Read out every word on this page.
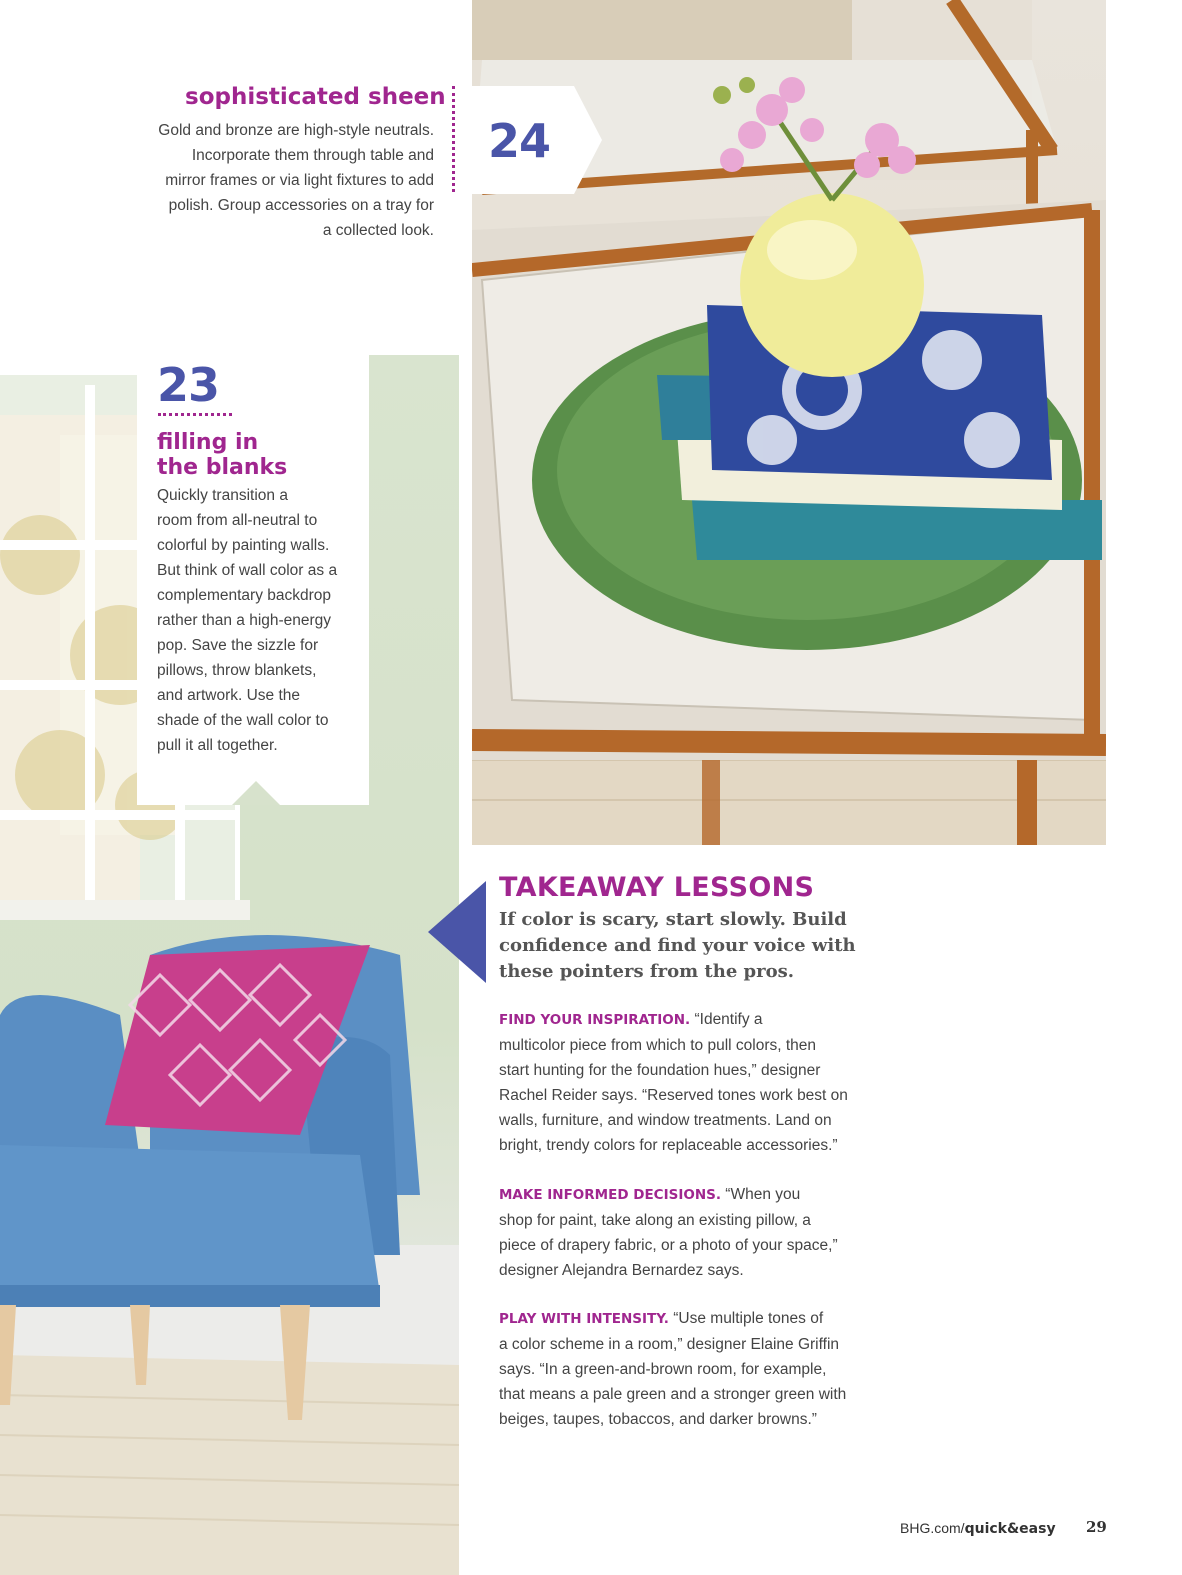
sophisticated sheen
Gold and bronze are high-style neutrals.
Incorporate them through table and
mirror frames or via light fixtures to add
polish. Group accessories on a tray for
a collected look.
24
23
filling in
the blanks
Quickly transition a
room from all-neutral to
colorful by painting walls.
But think of wall color as a
complementary backdrop
rather than a high-energy
pop. Save the sizzle for
pillows, throw blankets,
and artwork. Use the
shade of the wall color to
pull it all together.
TAKEAWAY LESSONS
If color is scary, start slowly. Build
confidence and find your voice with
these pointers from the pros.
FIND YOUR INSPIRATION. “Identify a
multicolor piece from which to pull colors, then
start hunting for the foundation hues,” designer
Rachel Reider says. “Reserved tones work best on
walls, furniture, and window treatments. Land on
bright, trendy colors for replaceable accessories.”
MAKE INFORMED DECISIONS. “When you
shop for paint, take along an existing pillow, a
piece of drapery fabric, or a photo of your space,”
designer Alejandra Bernardez says.
PLAY WITH INTENSITY. “Use multiple tones of
a color scheme in a room,” designer Elaine Griffin
says. “In a green-and-brown room, for example,
that means a pale green and a stronger green with
beiges, taupes, tobaccos, and darker browns.”
BHG.com/quick&easy 29
